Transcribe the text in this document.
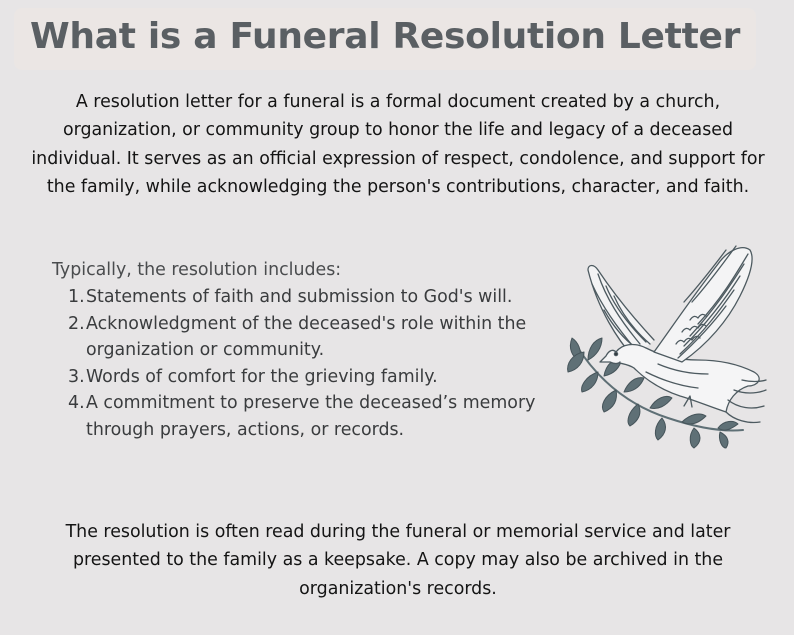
What is a Funeral Resolution Letter

A resolution letter for a funeral is a formal document created by a church, organization, or community group to honor the life and legacy of a deceased individual. It serves as an official expression of respect, condolence, and support for the family, while acknowledging the person's contributions, character, and faith.

Typically, the resolution includes:

1. Statements of faith and submission to God's will.
2. Acknowledgment of the deceased's role within the organization or community.
3. Words of comfort for the grieving family.
4. A commitment to preserve the deceased’s memory through prayers, actions, or records.

The resolution is often read during the funeral or memorial service and later presented to the family as a keepsake. A copy may also be archived in the organization's records.
